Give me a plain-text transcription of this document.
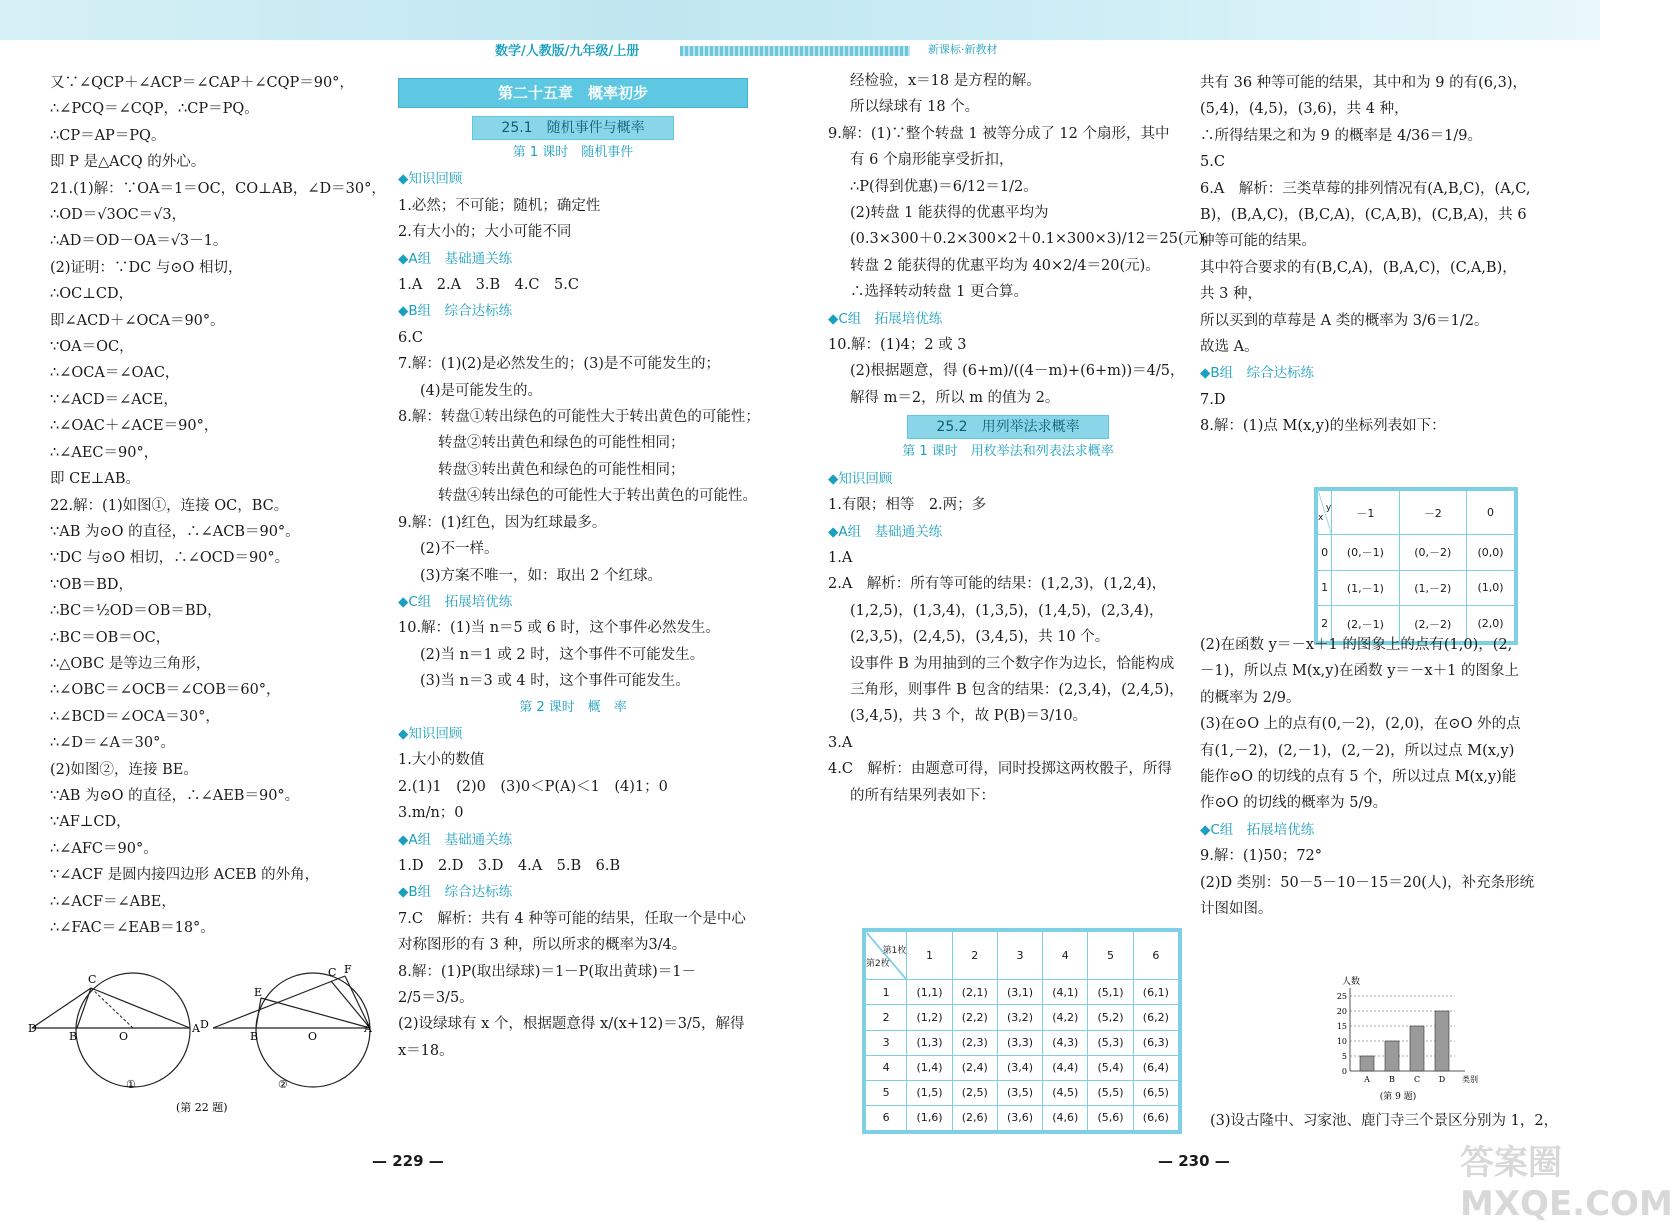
数学/人教版/九年级/上册	新课标·新教材

又∵∠QCP＋∠ACP＝∠CAP＋∠CQP＝90°，

∴∠PCQ＝∠CQP，∴CP＝PQ。

∴CP＝AP＝PQ。

即 P 是△ACQ 的外心。

21.(1)解：∵OA＝1＝OC，CO⊥AB，∠D＝30°，

∴OD＝√3OC＝√3，

∴AD＝OD－OA＝√3－1。

(2)证明：∵DC 与⊙O 相切，

∴OC⊥CD，

即∠ACD＋∠OCA＝90°。

∵OA＝OC，

∴∠OCA＝∠OAC，

∵∠ACD＝∠ACE，

∴∠OAC＋∠ACE＝90°，

∴∠AEC＝90°，

即 CE⊥AB。

22.解：(1)如图①，连接 OC，BC。

∵AB 为⊙O 的直径，∴∠ACB＝90°。

∵DC 与⊙O 相切，∴∠OCD＝90°。

∵OB＝BD，

∴BC＝½OD＝OB＝BD，

∴BC＝OB＝OC，

∴△OBC 是等边三角形，

∴∠OBC＝∠OCB＝∠COB＝60°，

∴∠BCD＝∠OCA＝30°，

∴∠D＝∠A＝30°。

(2)如图②，连接 BE。

∵AB 为⊙O 的直径，∴∠AEB＝90°。

∵AF⊥CD，

∴∠AFC＝90°。

∵∠ACF 是圆内接四边形 ACEB 的外角，

∴∠ACF＝∠ABE，

∴∠FAC＝∠EAB＝18°。

C
D
B	O
A
①
C F
E
D
B	O
A
②
(第 22 题)
第二十五章　概率初步
25.1　随机事件与概率

第 1 课时　随机事件

◆知识回顾

1.必然；不可能；随机；确定性

2.有大小的；大小可能不同

◆A组　基础通关练

1.A　2.A　3.B　4.C　5.C

◆B组　综合达标练

6.C

7.解：(1)(2)是必然发生的；(3)是不可能发生的；

(4)是可能发生的。

8.解：转盘①转出绿色的可能性大于转出黄色的可能性；

转盘②转出黄色和绿色的可能性相同；

转盘③转出黄色和绿色的可能性相同；

转盘④转出绿色的可能性大于转出黄色的可能性。

9.解：(1)红色，因为红球最多。

(2)不一样。

(3)方案不唯一，如：取出 2 个红球。

◆C组　拓展培优练

10.解：(1)当 n＝5 或 6 时，这个事件必然发生。

(2)当 n＝1 或 2 时，这个事件不可能发生。

(3)当 n＝3 或 4 时，这个事件可能发生。

第 2 课时　概　率

◆知识回顾

1.大小的数值

2.(1)1　(2)0　(3)0＜P(A)＜1　(4)1；0

3.m/n；0

◆A组　基础通关练

1.D　2.D　3.D　4.A　5.B　6.B

◆B组　综合达标练

7.C　解析：共有 4 种等可能的结果，任取一个是中心

对称图形的有 3 种，所以所求的概率为3/4。

8.解：(1)P(取出绿球)＝1－P(取出黄球)＝1－

2/5＝3/5。

(2)设绿球有 x 个，根据题意得 x/(x+12)＝3/5，解得

x＝18。

经检验，x＝18 是方程的解。

所以绿球有 18 个。

9.解：(1)∵整个转盘 1 被等分成了 12 个扇形，其中

有 6 个扇形能享受折扣，

∴P(得到优惠)＝6/12＝1/2。

(2)转盘 1 能获得的优惠平均为

(0.3×300＋0.2×300×2＋0.1×300×3)/12＝25(元)，

转盘 2 能获得的优惠平均为 40×2/4＝20(元)。

∴选择转动转盘 1 更合算。

◆C组　拓展培优练

10.解：(1)4；2 或 3

(2)根据题意，得 (6+m)/((4－m)+(6+m))＝4/5，

解得 m＝2，所以 m 的值为 2。

25.2　用列举法求概率

第 1 课时　用枚举法和列表法求概率

◆知识回顾

1.有限；相等　2.两；多

◆A组　基础通关练

1.A

2.A　解析：所有等可能的结果：(1,2,3)，(1,2,4)，

(1,2,5)，(1,3,4)，(1,3,5)，(1,4,5)，(2,3,4)，

(2,3,5)，(2,4,5)，(3,4,5)，共 10 个。

设事件 B 为用抽到的三个数字作为边长，恰能构成

三角形，则事件 B 包含的结果：(2,3,4)，(2,4,5)，

(3,4,5)，共 3 个，故 P(B)＝3/10。

3.A

4.C　解析：由题意可得，同时投掷这两枚骰子，所得

的所有结果列表如下：

第1枚
第2枚	1	2	3	4	5	6
1	(1,1)	(2,1)	(3,1)	(4,1)	(5,1)	(6,1)
2	(1,2)	(2,2)	(3,2)	(4,2)	(5,2)	(6,2)
3	(1,3)	(2,3)	(3,3)	(4,3)	(5,3)	(6,3)
4	(1,4)	(2,4)	(3,4)	(4,4)	(5,4)	(6,4)
5	(1,5)	(2,5)	(3,5)	(4,5)	(5,5)	(6,5)
6	(1,6)	(2,6)	(3,6)	(4,6)	(5,6)	(6,6)

共有 36 种等可能的结果，其中和为 9 的有(6,3)，

(5,4)，(4,5)，(3,6)，共 4 种，

∴所得结果之和为 9 的概率是 4/36＝1/9。

5.C

6.A　解析：三类草莓的排列情况有(A,B,C)，(A,C,

B)，(B,A,C)，(B,C,A)，(C,A,B)，(C,B,A)，共 6

种等可能的结果。

其中符合要求的有(B,C,A)，(B,A,C)，(C,A,B)，

共 3 种，

所以买到的草莓是 A 类的概率为 3/6＝1/2。

故选 A。

◆B组　综合达标练

7.D

8.解：(1)点 M(x,y)的坐标列表如下：

y
x	－1	－2	0
0	(0,－1)	(0,－2)	(0,0)
1	(1,－1)	(1,－2)	(1,0)
2	(2,－1)	(2,－2)	(2,0)

(2)在函数 y＝－x＋1 的图象上的点有(1,0)，(2,

－1)，所以点 M(x,y)在函数 y＝－x＋1 的图象上

的概率为 2/9。

(3)在⊙O 上的点有(0,－2)，(2,0)，在⊙O 外的点

有(1,－2)，(2,－1)，(2,－2)，所以过点 M(x,y)

能作⊙O 的切线的点有 5 个，所以过点 M(x,y)能

作⊙O 的切线的概率为 5/9。

◆C组　拓展培优练

9.解：(1)50；72°

(2)D 类别：50－5－10－15＝20(人)，补充条形统

计图如图。

5
10
15
20
25
0
A B C D
人数
类别
(第 9 题)

(3)设古隆中、习家池、鹿门寺三个景区分别为 1，2，

— 229 —	— 230 —	答案圈 MXQE.COM
